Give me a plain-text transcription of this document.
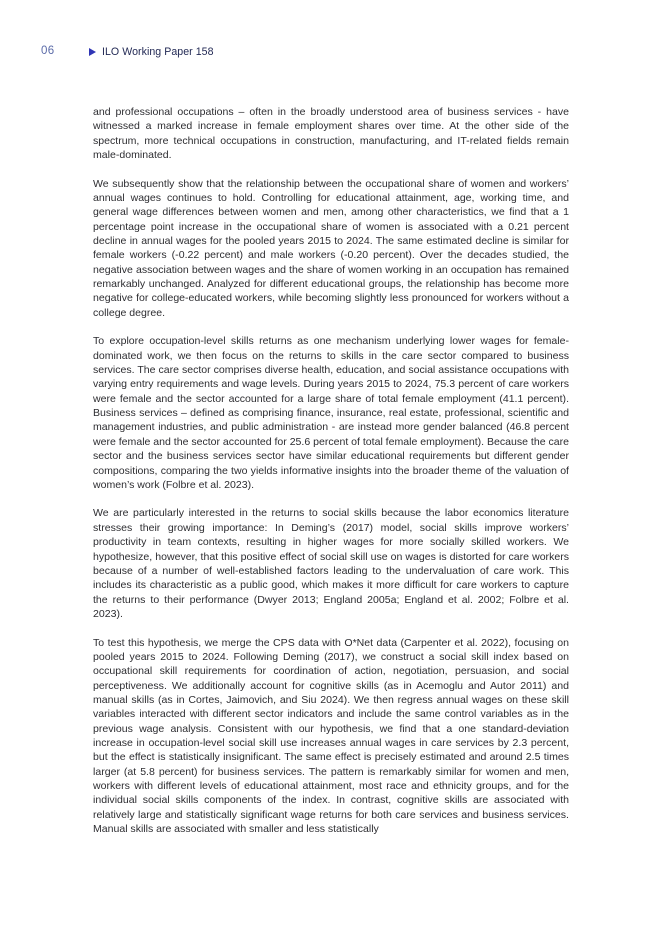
06	ILO Working Paper 158

and professional occupations – often in the broadly understood area of business services - have witnessed a marked increase in female employment shares over time. At the other side of the spectrum, more technical occupations in construction, manufacturing, and IT-related fields remain male-dominated.

We subsequently show that the relationship between the occupational share of women and workers’ annual wages continues to hold. Controlling for educational attainment, age, working time, and general wage differences between women and men, among other characteristics, we find that a 1 percentage point increase in the occupational share of women is associated with a 0.21 percent decline in annual wages for the pooled years 2015 to 2024. The same estimated decline is similar for female workers (-0.22 percent) and male workers (-0.20 percent). Over the decades studied, the negative association between wages and the share of women working in an occupation has remained remarkably unchanged. Analyzed for different educational groups, the relationship has become more negative for college-educated workers, while becoming slightly less pronounced for workers without a college degree.

To explore occupation-level skills returns as one mechanism underlying lower wages for female-dominated work, we then focus on the returns to skills in the care sector compared to business services. The care sector comprises diverse health, education, and social assistance occupations with varying entry requirements and wage levels. During years 2015 to 2024, 75.3 percent of care workers were female and the sector accounted for a large share of total female employment (41.1 percent). Business services – defined as comprising finance, insurance, real estate, professional, scientific and management industries, and public administration - are instead more gender balanced (46.8 percent were female and the sector accounted for 25.6 percent of total female employment). Because the care sector and the business services sector have similar educational requirements but different gender compositions, comparing the two yields informative insights into the broader theme of the valuation of women’s work (Folbre et al. 2023).

We are particularly interested in the returns to social skills because the labor economics literature stresses their growing importance: In Deming’s (2017) model, social skills improve workers’ productivity in team contexts, resulting in higher wages for more socially skilled workers. We hypothesize, however, that this positive effect of social skill use on wages is distorted for care workers because of a number of well-established factors leading to the undervaluation of care work. This includes its characteristic as a public good, which makes it more difficult for care workers to capture the returns to their performance (Dwyer 2013; England 2005a; England et al. 2002; Folbre et al. 2023).

To test this hypothesis, we merge the CPS data with O*Net data (Carpenter et al. 2022), focusing on pooled years 2015 to 2024. Following Deming (2017), we construct a social skill index based on occupational skill requirements for coordination of action, negotiation, persuasion, and social perceptiveness. We additionally account for cognitive skills (as in Acemoglu and Autor 2011) and manual skills (as in Cortes, Jaimovich, and Siu 2024). We then regress annual wages on these skill variables interacted with different sector indicators and include the same control variables as in the previous wage analysis. Consistent with our hypothesis, we find that a one standard-deviation increase in occupation-level social skill use increases annual wages in care services by 2.3 percent, but the effect is statistically insignificant. The same effect is precisely estimated and around 2.5 times larger (at 5.8 percent) for business services. The pattern is remarkably similar for women and men, workers with different levels of educational attainment, most race and ethnicity groups, and for the individual social skills components of the index. In contrast, cognitive skills are associated with relatively large and statistically significant wage returns for both care services and business services. Manual skills are associated with smaller and less statistically
